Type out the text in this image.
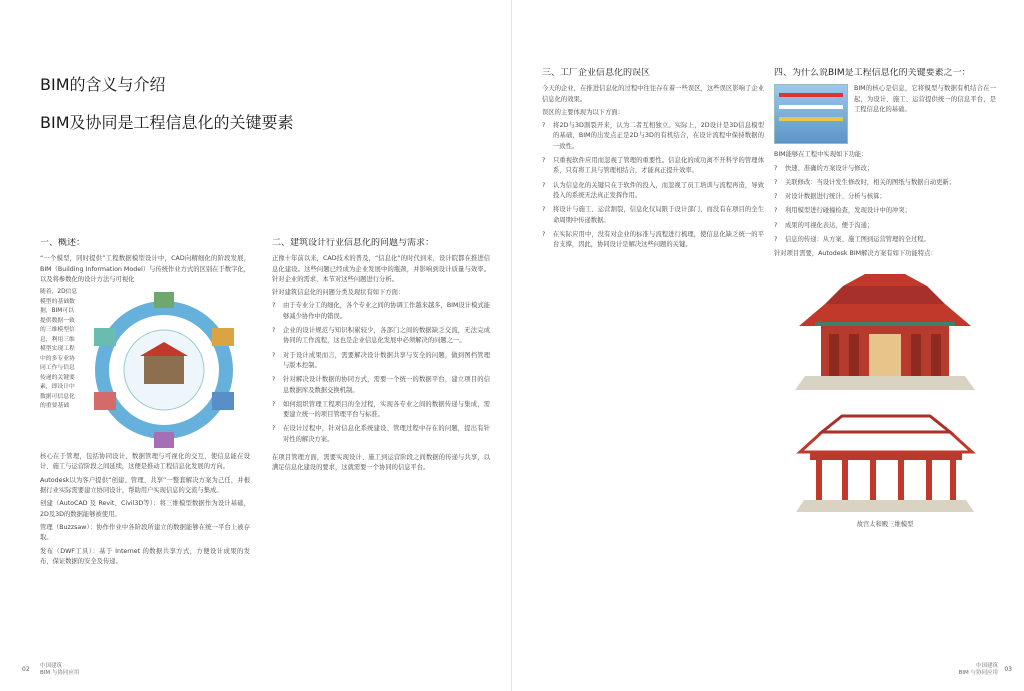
BIM的含义与介绍
BIM及协同是工程信息化的关键要素
一、概述：

“一个模型，同时提供”工程数据模型设计中，CAD向精细化的阶段发展，BIM（Building Information Model）与传统作业方式的区别在于数字化，以及将参数化的设计方法与可视化

随着，2D信息模型的基础数据，BIM可以提供数据一致的三维模型信息，利用三维模型实现工程中的多专业协同工作与信息传递的关键要素，即设计中数据可信息化的重要基础

核心在于管理，包括协同设计、数据管理与可视化的交互，使信息能在设计、施工与运营阶段之间延续，这便是推动工程信息化发展的方向。

Autodesk以为客户提供“创建、管理、共享”一整套解决方案为己任，并根据行业实际需要建立协同设计，帮助用户实现信息的交流与集成。

创建（AutoCAD 及 Revit、Civil3D等）：将三维模型数据作为设计基础，2D及3D的数据能够被使用。

管理（Buzzsaw）：协作作业中各阶段所建立的数据能够在统一平台上被存取。

发布（DWF工具）：基于 Internet 的数据共享方式，方便设计成果的发布，保证数据的安全及传递。

二、建筑设计行业信息化的问题与需求：

正像十年前以来，CAD技术的普及，“信息化”的时代到来，设计院都在推进信息化建设。这些问题已经成为企业发展中的瓶颈，并影响到设计质量与效率。针对企业的需求，本节对这些问题进行分析。

针对建筑信息化的问题分类及现状有如下方面：

?	由于专业分工的细化，各个专业之间的协调工作越来越多，BIM设计模式能够减少协作中的错误。
?	企业的设计规范与知识积累较少，各部门之间的数据缺乏交流，无法完成协同的工作流程，这也是企业信息化发展中必须解决的问题之一。
?	对于设计成果而言，需要解决设计数据共享与安全的问题，做到图档管理与版本控制。
?	针对解决设计数据的协同方式，需要一个统一的数据平台，建立项目的信息数据库及数据交换机制。
?	如何组织管理工程项目的全过程，实现各专业之间的数据传递与集成，需要建立统一的项目管理平台与标准。
?	在设计过程中，针对信息化系统建设、管理过程中存在的问题，提出有针对性的解决方案。

在项目管理方面，需要实现设计、施工到运营阶段之间数据的传递与共享，以满足信息化建设的要求，这就需要一个协同的信息平台。

02 中国建筑
BIM 与协同应用
三、工厂企业信息化的误区

今天的企业，在推进信息化的过程中往往存在着一些误区，这些误区影响了企业信息化的效果。

误区的主要体现为以下方面：

?	将2D与3D割裂开来，认为二者互相独立。实际上，2D设计是3D信息模型的基础，BIM的出发点正是2D与3D的有机结合，在设计流程中保持数据的一致性。
?	只重视软件应用而忽视了管理的重要性。信息化的成功离不开科学的管理体系，只有将工具与管理相结合，才能真正提升效率。
?	认为信息化的关键只在于软件的投入，而忽视了员工培训与流程再造，导致投入的系统无法真正发挥作用。
?	将设计与施工、运营割裂，信息化仅局限于设计部门，而没有在项目的全生命周期中传递数据。
?	在实际应用中，没有对企业的标准与流程进行梳理，使信息化缺乏统一的平台支撑，因此，协同设计是解决这些问题的关键。
四、为什么说BIM是工程信息化的关键要素之一：

BIM的核心是信息，它将模型与数据有机结合在一起，为设计、施工、运营提供统一的信息平台，是工程信息化的基础。

BIM能够在工程中实现如下功能：

?	快速、准确的方案设计与修改；
?	关联修改：当设计发生修改时，相关的图纸与数据自动更新；
?	对设计数据进行统计、分析与核算；
?	利用模型进行碰撞检查，发现设计中的冲突；
?	成果的可视化表达，便于沟通；
?	信息的传递：从方案、施工图到运营管理的全过程。

针对项目需要，Autodesk BIM解决方案有如下功能特点：

故宫太和殿三维模型
03
中国建筑
BIM 与协同应用
